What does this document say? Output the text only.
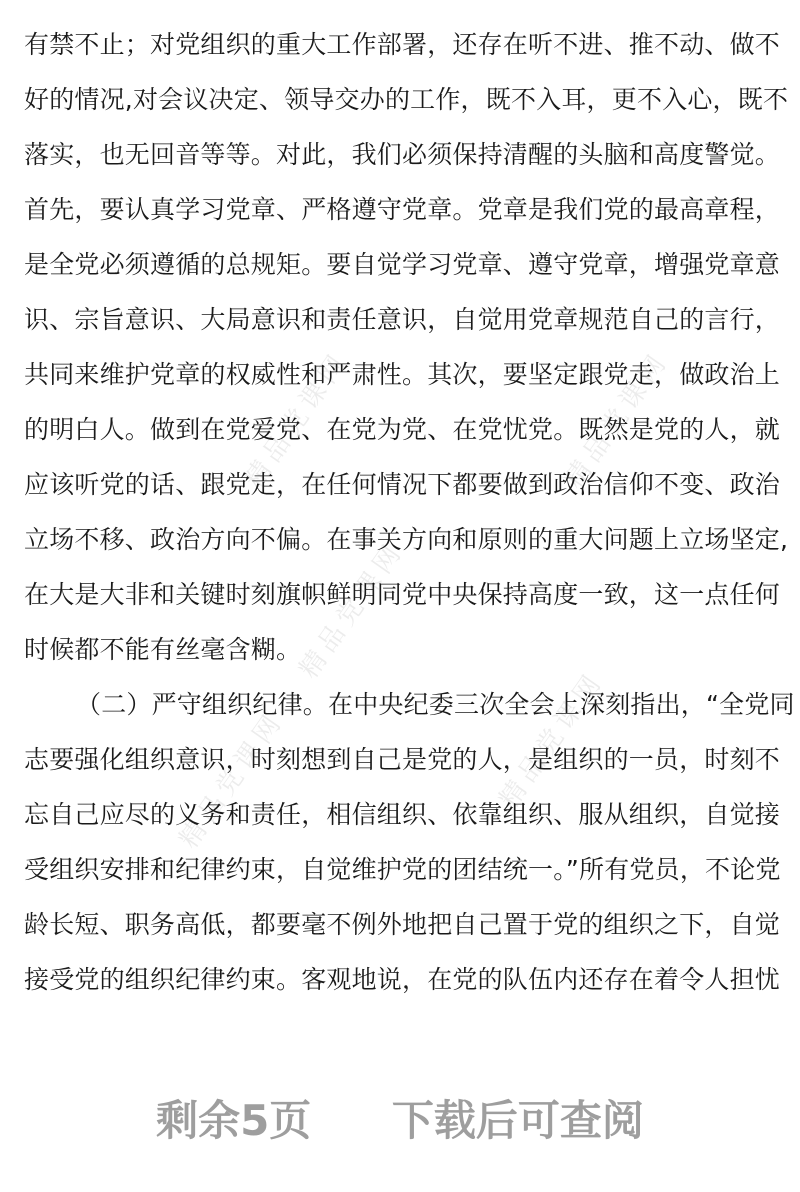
精品党课网	精品党课网
精品党课网
精品党课网	精品党课网
有禁不止；对党组织的重大工作部署，还存在听不进、推不动、做不
好的情况,对会议决定、领导交办的工作，既不入耳，更不入心，既不
落实，也无回音等等。对此，我们必须保持清醒的头脑和高度警觉。
首先，要认真学习党章、严格遵守党章。党章是我们党的最高章程，
是全党必须遵循的总规矩。要自觉学习党章、遵守党章，增强党章意
识、宗旨意识、大局意识和责任意识，自觉用党章规范自己的言行，
共同来维护党章的权威性和严肃性。其次，要坚定跟党走，做政治上
的明白人。做到在党爱党、在党为党、在党忧党。既然是党的人，就
应该听党的话、跟党走，在任何情况下都要做到政治信仰不变、政治
立场不移、政治方向不偏。在事关方向和原则的重大问题上立场坚定,
在大是大非和关键时刻旗帜鲜明同党中央保持高度一致，这一点任何
时候都不能有丝毫含糊。
（二）严守组织纪律。在中央纪委三次全会上深刻指出，“全党同
志要强化组织意识，时刻想到自己是党的人，是组织的一员，时刻不
忘自己应尽的义务和责任，相信组织、依靠组织、服从组织，自觉接
受组织安排和纪律约束，自觉维护党的团结统一。”所有党员，不论党
龄长短、职务高低，都要毫不例外地把自己置于党的组织之下，自觉
接受党的组织纪律约束。客观地说，在党的队伍内还存在着令人担忧
剩余5页 下载后可查阅
